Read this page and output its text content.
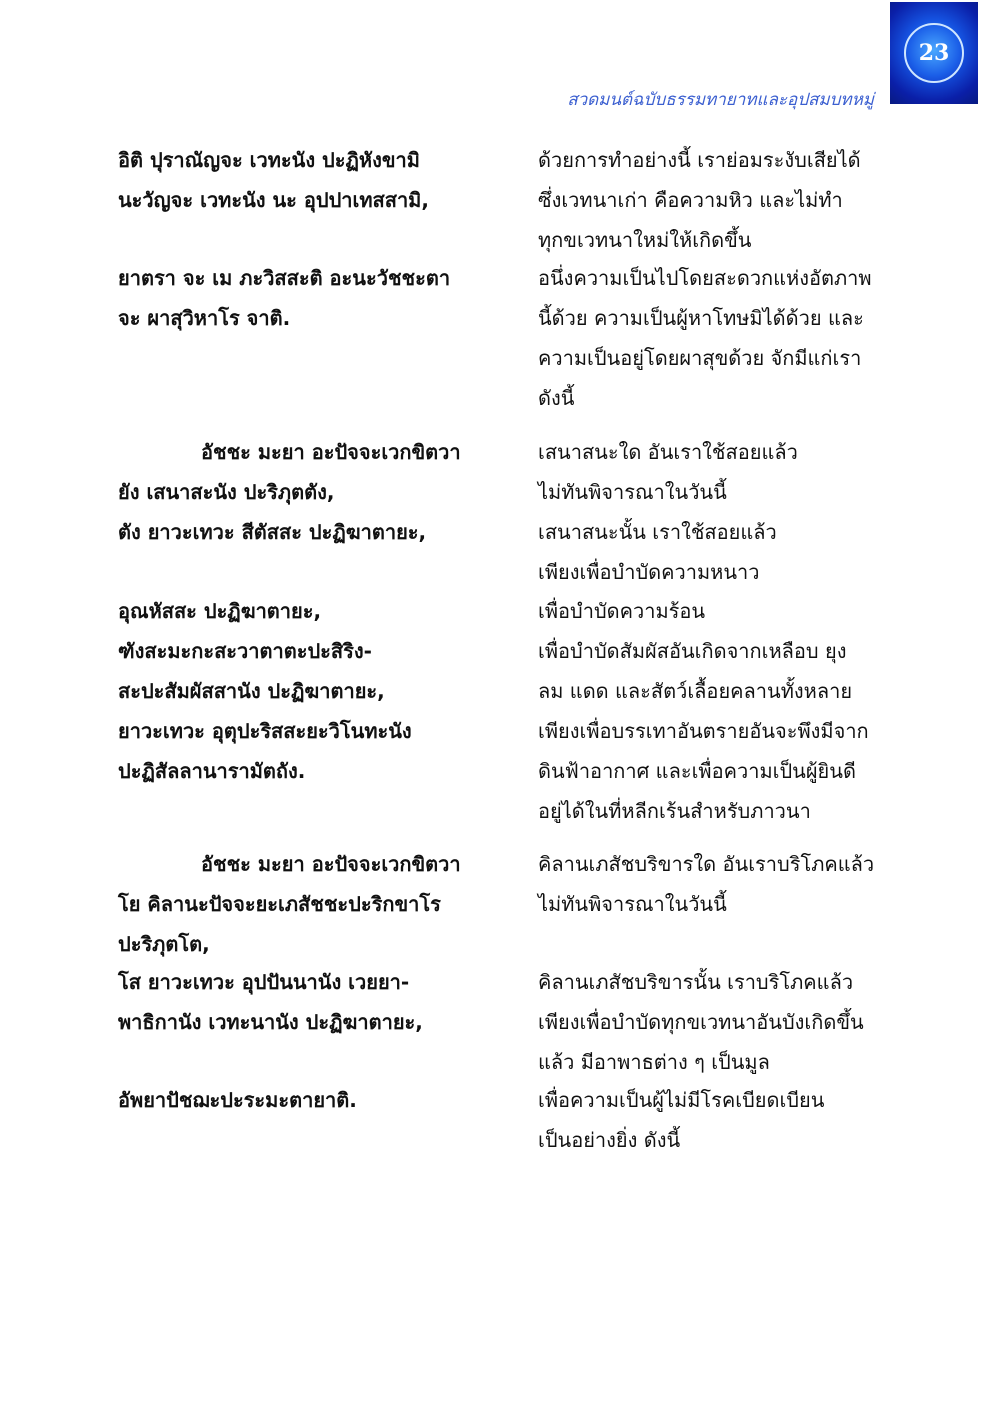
23
สวดมนต์ฉบับธรรมทายาทและอุปสมบทหมู่
อิติ ปุราณัญจะ เวทะนัง ปะฏิหังขามิ
นะวัญจะ เวทะนัง นะ อุปปาเทสสามิ,
ด้วยการทำอย่างนี้ เราย่อมระงับเสียได้
ซึ่งเวทนาเก่า คือความหิว และไม่ทำ
ทุกขเวทนาใหม่ให้เกิดขึ้น
ยาตรา จะ เม ภะวิสสะติ อะนะวัชชะตา
จะ ผาสุวิหาโร จาติ.
อนึ่งความเป็นไปโดยสะดวกแห่งอัตภาพ
นี้ด้วย ความเป็นผู้หาโทษมิได้ด้วย และ
ความเป็นอยู่โดยผาสุขด้วย จักมีแก่เรา
ดังนี้
อัชชะ มะยา อะปัจจะเวกขิตวา
ยัง เสนาสะนัง ปะริภุตตัง,
ตัง ยาวะเทวะ สีตัสสะ ปะฏิฆาตายะ,
เสนาสนะใด อันเราใช้สอยแล้ว
ไม่ทันพิจารณาในวันนี้
เสนาสนะนั้น เราใช้สอยแล้ว
เพียงเพื่อบำบัดความหนาว
อุณหัสสะ ปะฏิฆาตายะ,
ฑังสะมะกะสะวาตาตะปะสิริง-
สะปะสัมผัสสานัง ปะฏิฆาตายะ,
ยาวะเทวะ อุตุปะริสสะยะวิโนทะนัง
ปะฏิสัลลานารามัตถัง.
เพื่อบำบัดความร้อน
เพื่อบำบัดสัมผัสอันเกิดจากเหลือบ ยุง
ลม แดด และสัตว์เลื้อยคลานทั้งหลาย
เพียงเพื่อบรรเทาอันตรายอันจะพึงมีจาก
ดินฟ้าอากาศ และเพื่อความเป็นผู้ยินดี
อยู่ได้ในที่หลีกเร้นสำหรับภาวนา
อัชชะ มะยา อะปัจจะเวกขิตวา
โย คิลานะปัจจะยะเภสัชชะปะริกขาโร
ปะริภุตโต,
คิลานเภสัชบริขารใด อันเราบริโภคแล้ว
ไม่ทันพิจารณาในวันนี้
โส ยาวะเทวะ อุปปันนานัง เวยยา-
พาธิกานัง เวทะนานัง ปะฏิฆาตายะ,
คิลานเภสัชบริขารนั้น เราบริโภคแล้ว
เพียงเพื่อบำบัดทุกขเวทนาอันบังเกิดขึ้น
แล้ว มีอาพาธต่าง ๆ เป็นมูล
อัพยาปัชฌะปะระมะตายาติ.	เพื่อความเป็นผู้ไม่มีโรคเบียดเบียน
เป็นอย่างยิ่ง ดังนี้
